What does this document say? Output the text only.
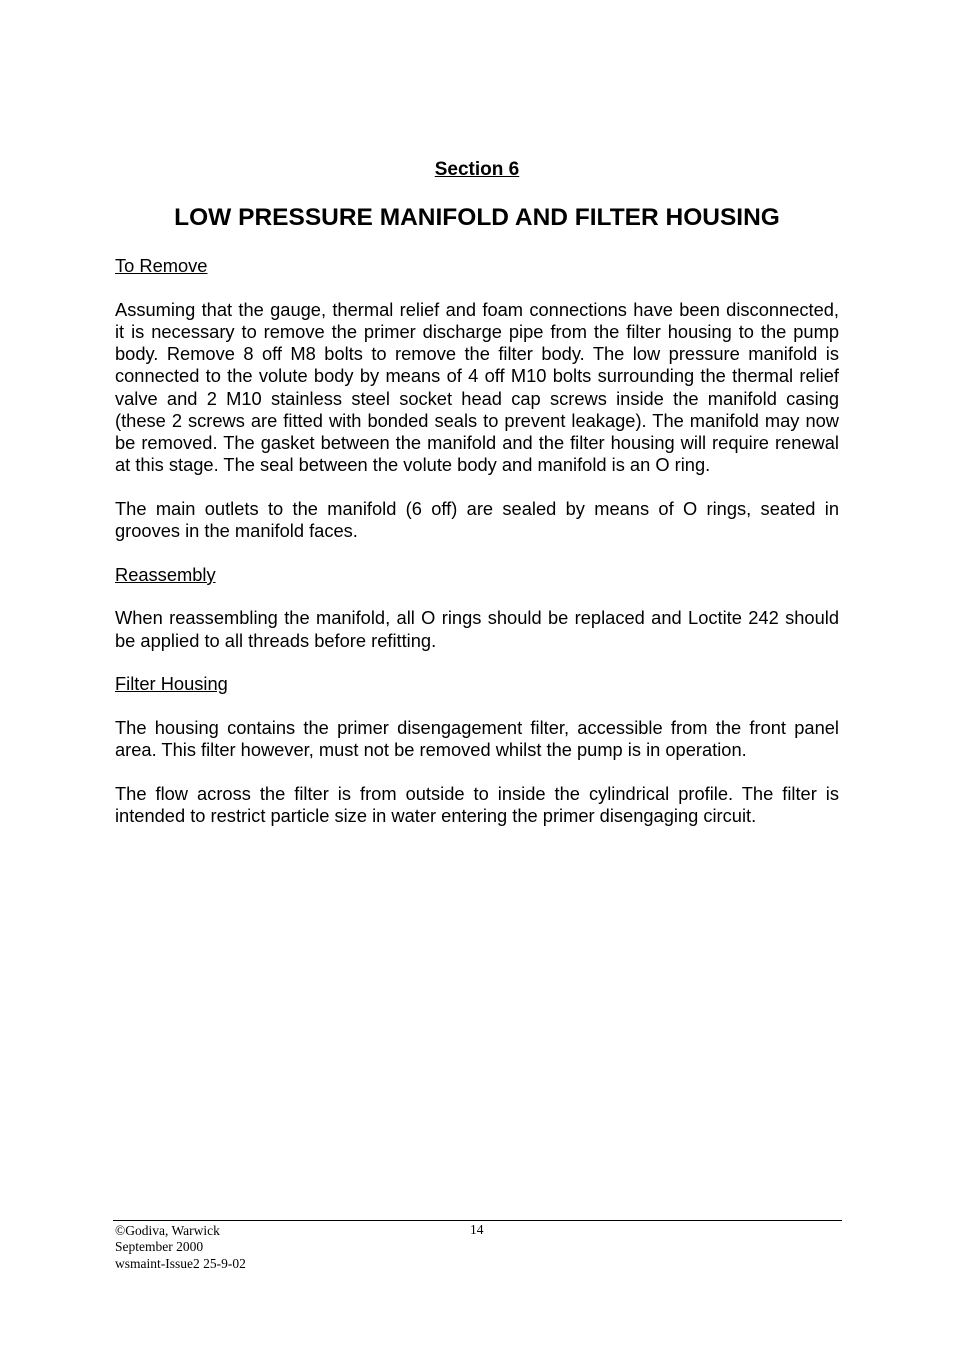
Section 6
LOW PRESSURE MANIFOLD AND FILTER HOUSING

To Remove

Assuming that the gauge, thermal relief and foam connections have been disconnected, it is necessary to remove the primer discharge pipe from the filter housing to the pump body. Remove 8 off M8 bolts to remove the filter body. The low pressure manifold is connected to the volute body by means of 4 off M10 bolts surrounding the thermal relief valve and 2 M10 stainless steel socket head cap screws inside the manifold casing (these 2 screws are fitted with bonded seals to prevent leakage). The manifold may now be removed. The gasket between the manifold and the filter housing will require renewal at this stage. The seal between the volute body and manifold is an O ring.

The main outlets to the manifold (6 off) are sealed by means of O rings, seated in grooves in the manifold faces.

Reassembly

When reassembling the manifold, all O rings should be replaced and Loctite 242 should be applied to all threads before refitting.

Filter Housing

The housing contains the primer disengagement filter, accessible from the front panel area. This filter however, must not be removed whilst the pump is in operation.

The flow across the filter is from outside to inside the cylindrical profile. The filter is intended to restrict particle size in water entering the primer disengaging circuit.

©Godiva, Warwick
September 2000
wsmaint-Issue2 25-9-02
14
